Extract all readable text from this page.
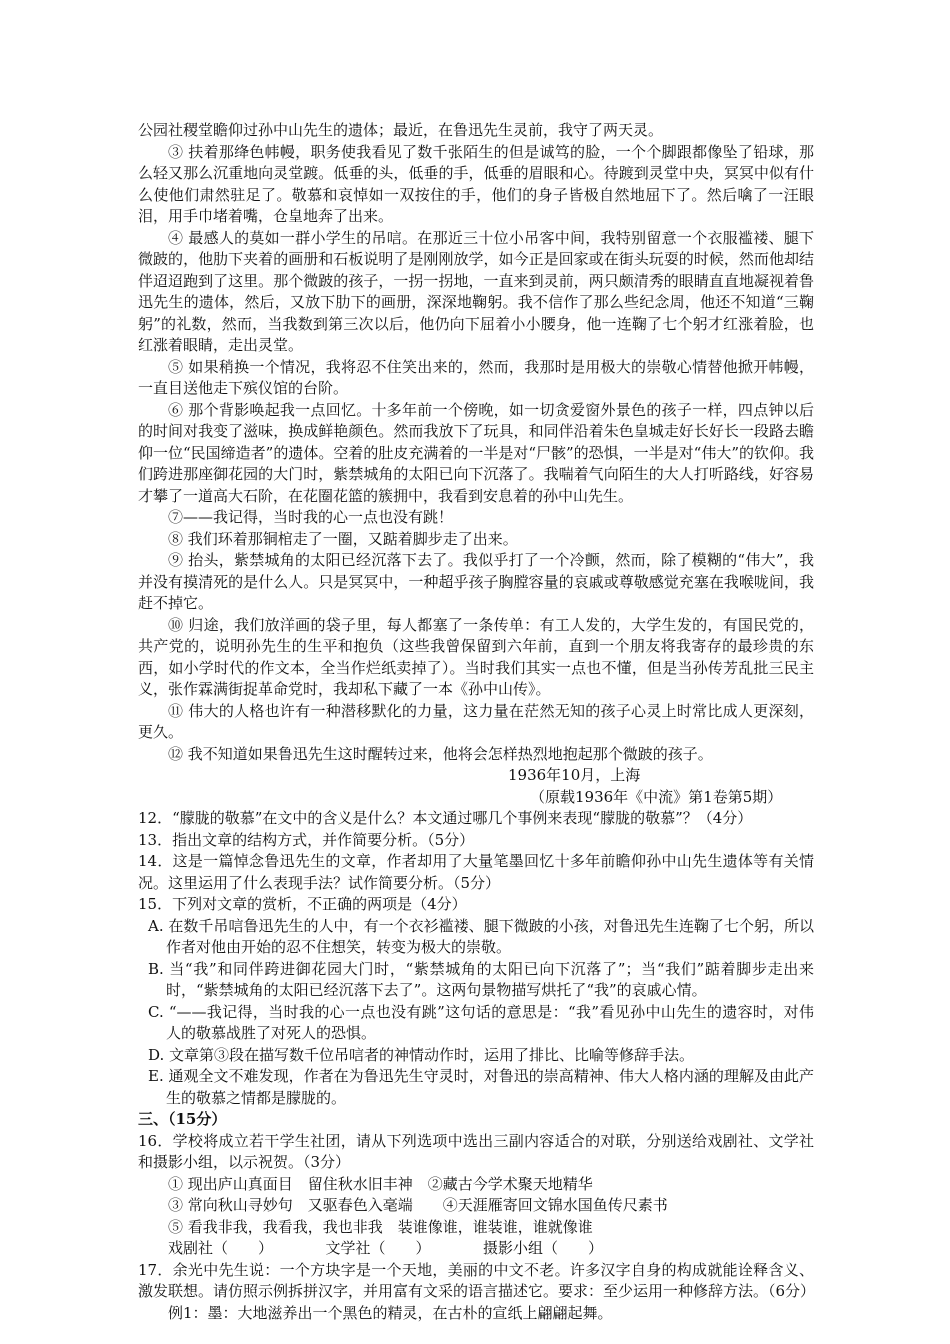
公园社稷堂瞻仰过孙中山先生的遗体；最近，在鲁迅先生灵前，我守了两天灵。

③ 扶着那绛色帏幔，职务使我看见了数千张陌生的但是诚笃的脸，一个个脚跟都像坠了铅球，那么轻又那么沉重地向灵堂踱。低垂的头，低垂的手，低垂的眉眼和心。待踱到灵堂中央，冥冥中似有什么使他们肃然驻足了。敬慕和哀悼如一双按住的手，他们的身子皆极自然地屈下了。然后噙了一汪眼泪，用手巾堵着嘴，仓皇地奔了出来。

④ 最感人的莫如一群小学生的吊唁。在那近三十位小吊客中间，我特别留意一个衣服褴褛、腿下微跛的，他肋下夹着的画册和石板说明了是刚刚放学，如今正是回家或在街头玩耍的时候，然而他却结伴迢迢跑到了这里。那个微跛的孩子，一拐一拐地，一直来到灵前，两只颇清秀的眼睛直直地凝视着鲁迅先生的遗体，然后，又放下肋下的画册，深深地鞠躬。我不信作了那么些纪念周，他还不知道“三鞠躬”的礼数，然而，当我数到第三次以后，他仍向下屈着小小腰身，他一连鞠了七个躬才红涨着脸，也红涨着眼睛，走出灵堂。

⑤ 如果稍换一个情况，我将忍不住笑出来的，然而，我那时是用极大的崇敬心情替他掀开帏幔，一直目送他走下殡仪馆的台阶。

⑥ 那个背影唤起我一点回忆。十多年前一个傍晚，如一切贪爱窗外景色的孩子一样，四点钟以后的时间对我变了滋味，换成鲜艳颜色。然而我放下了玩具，和同伴沿着朱色皇城走好长好长一段路去瞻仰一位“民国缔造者”的遗体。空着的肚皮充满着的一半是对“尸骸”的恐惧，一半是对“伟大”的钦仰。我们跨进那座御花园的大门时，紫禁城角的太阳已向下沉落了。我喘着气向陌生的大人打听路线，好容易才攀了一道高大石阶，在花圈花篮的簇拥中，我看到安息着的孙中山先生。

⑦——我记得，当时我的心一点也没有跳！

⑧ 我们环着那铜棺走了一圈，又踮着脚步走了出来。

⑨ 抬头，紫禁城角的太阳已经沉落下去了。我似乎打了一个冷颤，然而，除了模糊的“伟大”，我并没有摸清死的是什么人。只是冥冥中，一种超乎孩子胸膛容量的哀戚或尊敬感觉充塞在我喉咙间，我赶不掉它。

⑩ 归途，我们放洋画的袋子里，每人都塞了一条传单：有工人发的，大学生发的，有国民党的，共产党的，说明孙先生的生平和抱负（这些我曾保留到六年前，直到一个朋友将我寄存的最珍贵的东西，如小学时代的作文本，全当作烂纸卖掉了）。当时我们其实一点也不懂，但是当孙传芳乱批三民主义，张作霖满街捉革命党时，我却私下藏了一本《孙中山传》。

⑪ 伟大的人格也许有一种潜移默化的力量，这力量在茫然无知的孩子心灵上时常比成人更深刻，更久。

⑫ 我不知道如果鲁迅先生这时醒转过来，他将会怎样热烈地抱起那个微跛的孩子。

1936年10月，上海

（原载1936年《中流》第1卷第5期）

12．“朦胧的敬慕”在文中的含义是什么？本文通过哪几个事例来表现“朦胧的敬慕”？（4分）

13．指出文章的结构方式，并作简要分析。（5分）

14．这是一篇悼念鲁迅先生的文章，作者却用了大量笔墨回忆十多年前瞻仰孙中山先生遗体等有关情况。这里运用了什么表现手法？试作简要分析。（5分）

15．下列对文章的赏析，不正确的两项是（4分）

A. 在数千吊唁鲁迅先生的人中，有一个衣衫褴褛、腿下微跛的小孩，对鲁迅先生连鞠了七个躬，所以作者对他由开始的忍不住想笑，转变为极大的崇敬。

B. 当“我”和同伴跨进御花园大门时，“紫禁城角的太阳已向下沉落了”；当“我们”踮着脚步走出来时，“紫禁城角的太阳已经沉落下去了”。这两句景物描写烘托了“我”的哀戚心情。

C. “——我记得，当时我的心一点也没有跳”这句话的意思是：“我”看见孙中山先生的遗容时，对伟人的敬慕战胜了对死人的恐惧。

D. 文章第③段在描写数千位吊唁者的神情动作时，运用了排比、比喻等修辞手法。

E. 通观全文不难发现，作者在为鲁迅先生守灵时，对鲁迅的崇高精神、伟大人格内涵的理解及由此产生的敬慕之情都是朦胧的。

三、（15分）

16．学校将成立若干学生社团，请从下列选项中选出三副内容适合的对联，分别送给戏剧社、文学社和摄影小组，以示祝贺。（3分）

① 现出庐山真面目　留住秋水旧丰神　②藏古今学术聚天地精华

③ 常向秋山寻妙句　又驱春色入毫端　　④天涯雁寄回文锦水国鱼传尺素书

⑤ 看我非我，我看我，我也非我　装谁像谁，谁装谁，谁就像谁

戏剧社（　　）　　　　文学社（　　）　　　　摄影小组（　　）

17．余光中先生说：一个方块字是一个天地，美丽的中文不老。许多汉字自身的构成就能诠释含义、激发联想。请仿照示例拆拼汉字，并用富有文采的语言描述它。要求：至少运用一种修辞方法。（6分）

例1：墨：大地滋养出一个黑色的精灵，在古朴的宣纸上翩翩起舞。
